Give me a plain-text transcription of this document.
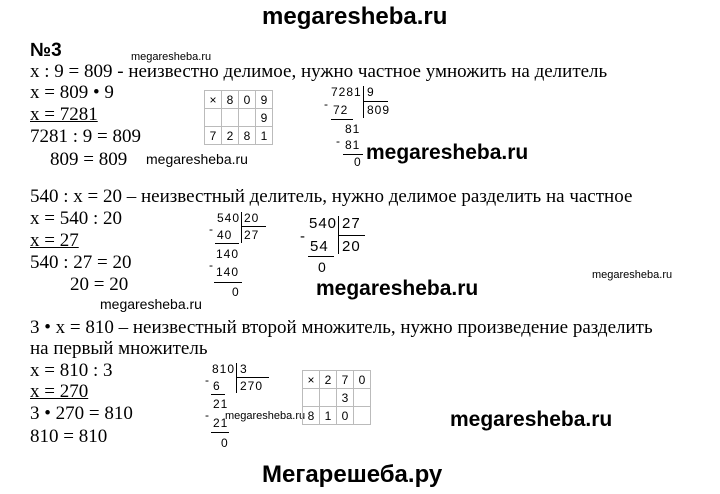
megaresheba.ru
№3	megaresheba.ru
megaresheba.ru
megaresheba.ru
megaresheba.ru
megaresheba.ru
megaresheba.ru
megaresheba.ru
megaresheba.ru
x : 9 = 809 - неизвестно делимое, нужно частное умножить на делитель
x = 809 • 9
x = 7281
7281 : 9 = 809
809 = 809
×	8	0	9
			9
7	2	8	1
7281 9
- 72 809
81
- 81
0
540 : x = 20 – неизвестный делитель, нужно делимое разделить на частное
x = 540 : 20
x = 27
540 : 27 = 20
20 = 20
540 20
- 40 27
140
- 140
0
540 27
-
54 20
0
3 • x = 810 – неизвестный второй множитель, нужно произведение разделить
на первый множитель
x = 810 : 3
x = 270
3 • 270 = 810
810 = 810
810 3
- 6 270
21
-
21
0
×	2	7	0
		3	
8	1	0	
Мегарешеба.ру
